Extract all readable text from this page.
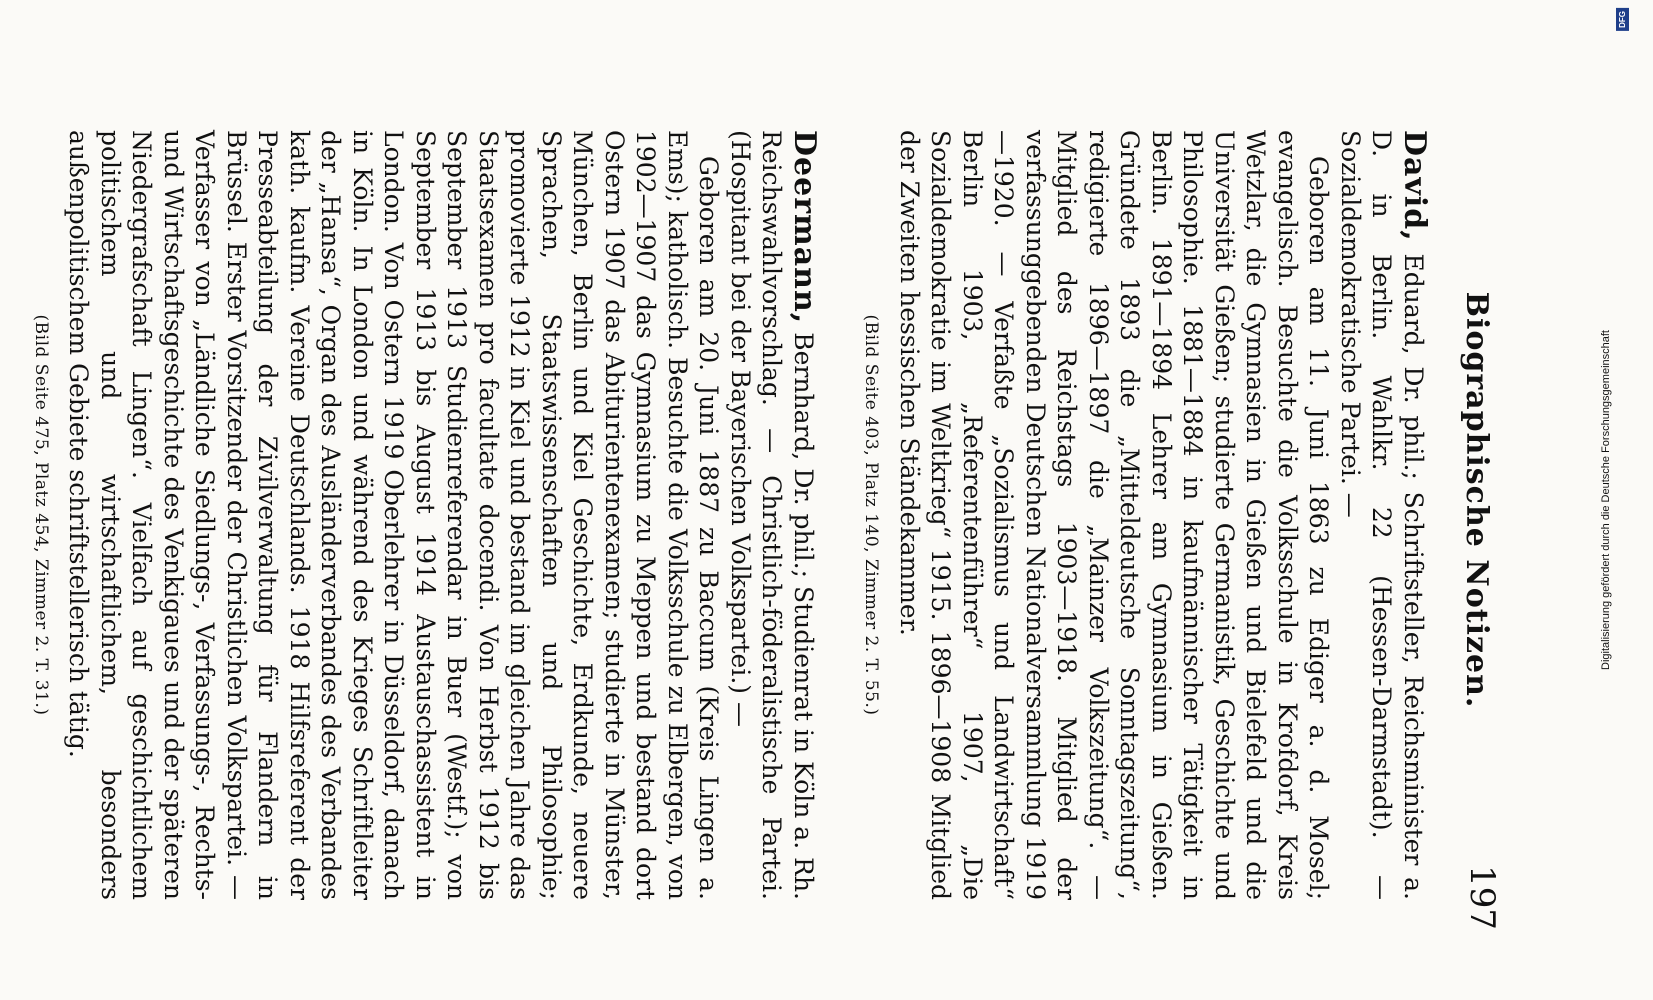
Biographische Notizen.
197

David, Eduard, Dr. phil.; Schriftsteller, Reichsminister a. D. in Berlin. Wahlkr. 22 (Hessen-Darmstadt). — Sozialdemokratische Partei. —

Geboren am 11. Juni 1863 zu Ediger a. d. Mosel; evangelisch. Besuchte die Volksschule in Krofdorf, Kreis Wetzlar, die Gymnasien in Gießen und Bielefeld und die Universität Gießen; studierte Germanistik, Geschichte und Philosophie. 1881—1884 in kaufmännischer Tätigkeit in Berlin. 1891—1894 Lehrer am Gymnasium in Gießen. Gründete 1893 die „Mitteldeutsche Sonntagszeitung“, redigierte 1896—1897 die „Mainzer Volkszeitung“. — Mitglied des Reichstags 1903—1918. Mitglied der verfassunggebenden Deutschen Nationalversammlung 1919—1920. — Verfaßte „Sozialismus und Landwirtschaft“ Berlin 1903, „Referentenführer“ 1907, „Die Sozialdemokratie im Weltkrieg“ 1915. 1896—1908 Mitglied der Zweiten hessischen Ständekammer.

(Bild Seite 403, Platz 140, Zimmer 2. T. 55.)

Deermann, Bernhard, Dr. phil.; Studienrat in Köln a. Rh. Reichswahlvorschlag. — Christlich-föderalistische Partei. (Hospitant bei der Bayerischen Volkspartei.) —

Geboren am 20. Juni 1887 zu Baccum (Kreis Lingen a. Ems); katholisch. Besuchte die Volksschule zu Elbergen, von 1902—1907 das Gymnasium zu Meppen und bestand dort Ostern 1907 das Abiturientenexamen; studierte in Münster, München, Berlin und Kiel Geschichte, Erdkunde, neuere Sprachen, Staatswissenschaften und Philosophie; promovierte 1912 in Kiel und bestand im gleichen Jahre das Staatsexamen pro facultate docendi. Von Herbst 1912 bis September 1913 Studienreferendar in Buer (Westf.); von September 1913 bis August 1914 Austauschassistent in London. Von Ostern 1919 Oberlehrer in Düsseldorf, danach in Köln. In London und während des Krieges Schriftleiter der „Hansa“, Organ des Ausländerverbandes des Verbandes kath. kaufm. Vereine Deutschlands. 1918 Hilfsreferent der Presseabteilung der Zivilverwaltung für Flandern in Brüssel. Erster Vorsitzender der Christlichen Volkspartei. — Verfasser von „Ländliche Siedlungs-, Verfassungs-, Rechts- und Wirtschaftsgeschichte des Venkigaues und der späteren Niedergrafschaft Lingen“. Vielfach auf geschichtlichem politischem und wirtschaftlichem, besonders außenpolitischem Gebiete schriftstellerisch tätig.

(Bild Seite 475, Platz 454, Zimmer 2. T. 31.)

DFG
Digitalisierung gefördert durch die Deutsche Forschungsgemeinschaft
